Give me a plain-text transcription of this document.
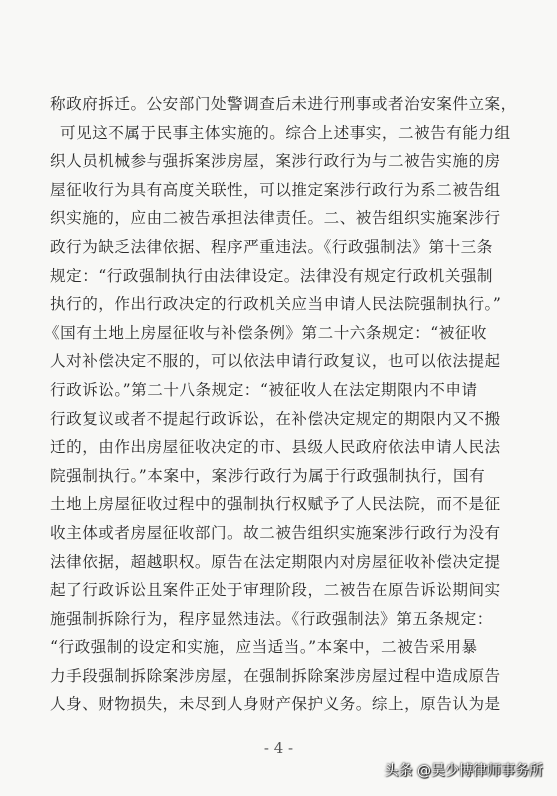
称政府拆迁。公安部门处警调查后未进行刑事或者治安案件立案，
可见这不属于民事主体实施的。综合上述事实，二被告有能力组
织人员机械参与强拆案涉房屋，案涉行政行为与二被告实施的房
屋征收行为具有高度关联性，可以推定案涉行政行为系二被告组
织实施的，应由二被告承担法律责任。二、被告组织实施案涉行
政行为缺乏法律依据、程序严重违法。《行政强制法》第十三条
规定：“行政强制执行由法律设定。法律没有规定行政机关强制
执行的，作出行政决定的行政机关应当申请人民法院强制执行。”
《国有土地上房屋征收与补偿条例》第二十六条规定：“被征收
人对补偿决定不服的，可以依法申请行政复议，也可以依法提起
行政诉讼。”第二十八条规定：“被征收人在法定期限内不申请
行政复议或者不提起行政诉讼，在补偿决定规定的期限内又不搬
迁的，由作出房屋征收决定的市、县级人民政府依法申请人民法
院强制执行。”本案中，案涉行政行为属于行政强制执行，国有
土地上房屋征收过程中的强制执行权赋予了人民法院，而不是征
收主体或者房屋征收部门。故二被告组织实施案涉行政行为没有
法律依据，超越职权。原告在法定期限内对房屋征收补偿决定提
起了行政诉讼且案件正处于审理阶段，二被告在原告诉讼期间实
施强制拆除行为，程序显然违法。《行政强制法》第五条规定：
“行政强制的设定和实施，应当适当。”本案中，二被告采用暴
力手段强制拆除案涉房屋，在强制拆除案涉房屋过程中造成原告
人身、财物损失，未尽到人身财产保护义务。综上，原告认为是
- 4 -
头条 @吴少博律师事务所
